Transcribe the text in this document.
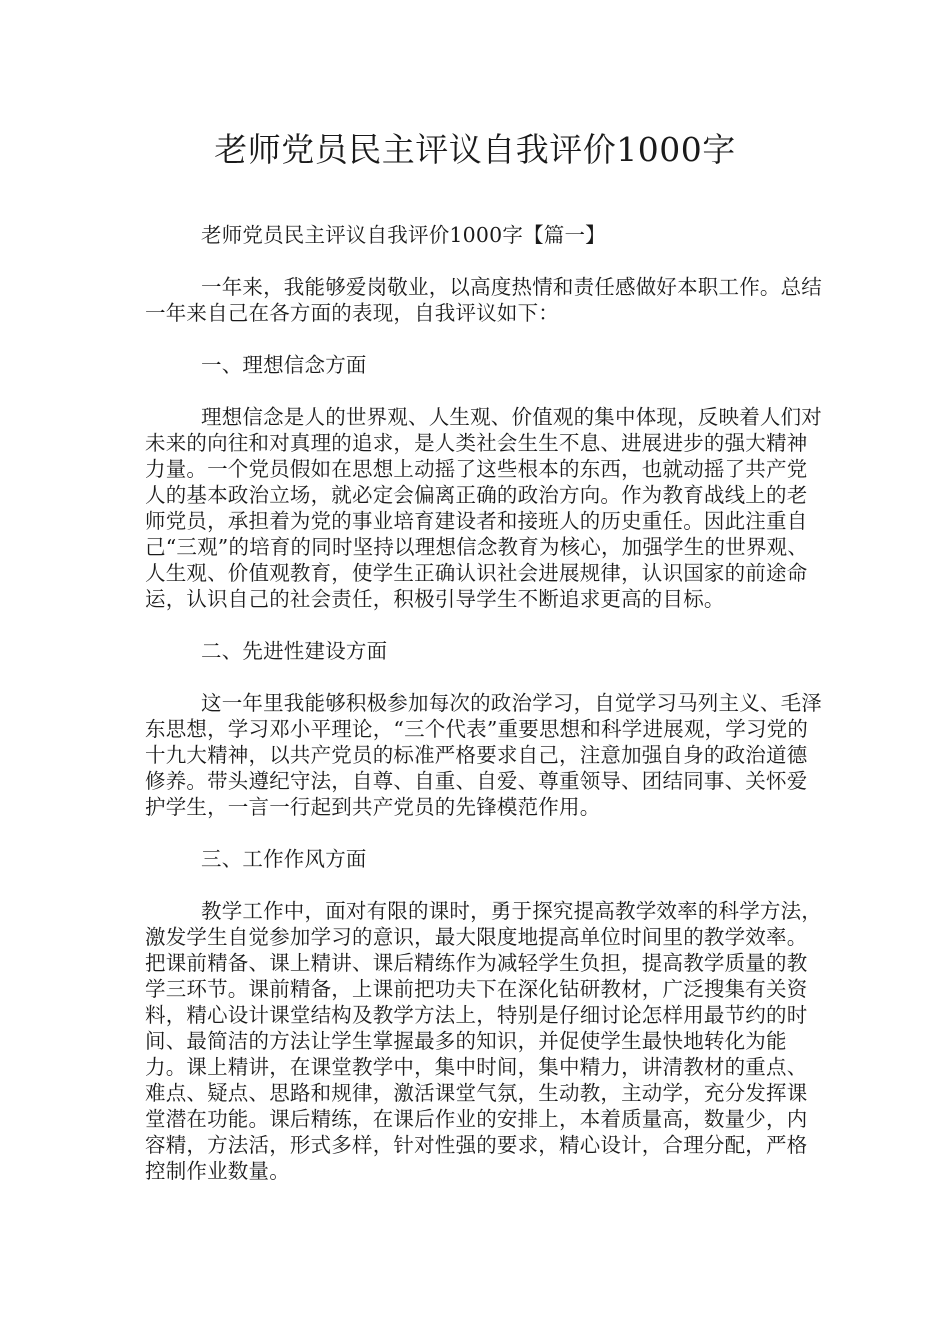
老师党员民主评议自我评价1000字

老师党员民主评议自我评价1000字【篇一】

一年来，我能够爱岗敬业，以高度热情和责任感做好本职工作。总结一年来自己在各方面的表现，自我评议如下：

一、理想信念方面

理想信念是人的世界观、人生观、价值观的集中体现，反映着人们对未来的向往和对真理的追求，是人类社会生生不息、进展进步的强大精神力量。一个党员假如在思想上动摇了这些根本的东西，也就动摇了共产党人的基本政治立场，就必定会偏离正确的政治方向。作为教育战线上的老师党员，承担着为党的事业培育建设者和接班人的历史重任。因此注重自己“三观”的培育的同时坚持以理想信念教育为核心，加强学生的世界观、人生观、价值观教育，使学生正确认识社会进展规律，认识国家的前途命运，认识自己的社会责任，积极引导学生不断追求更高的目标。

二、先进性建设方面

这一年里我能够积极参加每次的政治学习，自觉学习马列主义、毛泽东思想，学习邓小平理论，“三个代表”重要思想和科学进展观，学习党的十九大精神，以共产党员的标准严格要求自己，注意加强自身的政治道德修养。带头遵纪守法，自尊、自重、自爱、尊重领导、团结同事、关怀爱护学生，一言一行起到共产党员的先锋模范作用。

三、工作作风方面

教学工作中，面对有限的课时，勇于探究提高教学效率的科学方法，激发学生自觉参加学习的意识，最大限度地提高单位时间里的教学效率。把课前精备、课上精讲、课后精练作为减轻学生负担，提高教学质量的教学三环节。课前精备，上课前把功夫下在深化钻研教材，广泛搜集有关资料，精心设计课堂结构及教学方法上，特别是仔细讨论怎样用最节约的时间、最简洁的方法让学生掌握最多的知识，并促使学生最快地转化为能力。课上精讲，在课堂教学中，集中时间，集中精力，讲清教材的重点、难点、疑点、思路和规律，激活课堂气氛，生动教，主动学，充分发挥课堂潜在功能。课后精练，在课后作业的安排上，本着质量高，数量少，内容精，方法活，形式多样，针对性强的要求，精心设计，合理分配，严格控制作业数量。
